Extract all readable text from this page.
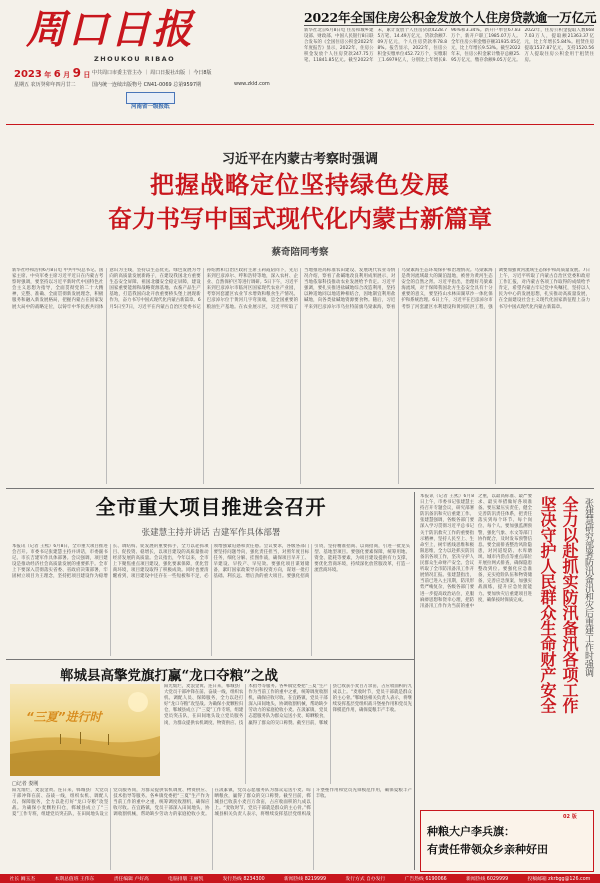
周口日报
ZHOUKOU RIBAO
2023 年 6 月 9 日 中共周口市委主管主办 ｜ 周口日报社出版 ｜ 今日8版
星期五 农历癸卯年四月廿二	国内统一连续出版物号 CN41-0069 总第9597期	www.zkld.com
河南省一级报纸
2022年全国住房公积金发放个人住房贷款逾一万亿元
新华社北京6月8日电 住房和城乡建设部、财政部、中国人民银行8日联合发布的《全国住房公积金2022年年度报告》显示，2022年，住房公积金发放个人住房贷款247.75万笔、11841.85亿元。截至2022年末，累计发放个人住房贷款4228.75万笔、14.49万亿元，贷款余额7.09万亿元，个人住房贷款率78.88%。报告显示，2022年，住房公积金实缴单位452.72万个，实缴职工1.6979亿人，分别比上年增长8.96%和3.34%。新开户单位67.83万个，新开户职工1985.07万人。全年住房公积金缴存额31935.05亿元，比上年增长9.53%。截至2022年末，住房公积金累计缴存总额25.95万亿元，缴存余额9.05万亿元。2022年，住房公积金提取人数6687.03万人，提取额21363.37亿元，比上年增长5.84%。租赁住房提取1537.87亿元，支持1520.56万人提取住房公积金用于租赁住房。
习近平在内蒙古考察时强调
把握战略定位坚持绿色发展
奋力书写中国式现代化内蒙古新篇章
蔡奇陪同考察
新华社呼和浩特6月8日电 中共中央总书记、国家主席、中央军委主席习近平近日在内蒙古考察时强调，要坚持以习近平新时代中国特色社会主义思想为指导，全面贯彻党的二十大精神，完整、准确、全面贯彻新发展理念，积极服务和融入新发展格局，把握内蒙古在国家发展大局中的战略定位，以铸牢中华民族共同体意识为主线，坚持以生态优先、绿色发展为导向的高质量发展新路子，在建设我国北方重要生态安全屏障、祖国北疆安全稳定屏障，建设国家重要能源和战略资源基地、农畜产品生产基地，打造我国向北开放重要桥头堡上展现新作为，奋力书写中国式现代化内蒙古新篇章。6月5日至7日，习近平在内蒙古自治区党委书记孙绍骋和自治区政府主席王莉霞陪同下，先后来到巴彦淖尔、呼和浩特等地，深入农村、企业、自然保护区等进行调研。5日下午，习近平来到巴彦淖尔市临河区国家现代农业产业园，考察河套灌区农业节水增效和粮食生产情况。巴彦淖尔位于黄河几字弯顶端，是全国重要的粮油生产基地。在农业展示区，习近平听取了当地推进高标准农田建设、发展现代农业等情况介绍，察看了盐碱地改良利用成果展示，对当地依靠科技推动农业发展给予肯定。习近平强调，要扎实推进盐碱地综合改造利用，坚持以种适地同以地适种相结合，因地制宜利用盐碱地，向各类盐碱地资源要食物。随后，习近平来到巴彦淖尔市乌拉特前旗乌梁素海，察看乌梁素海生态环境保护和治理情况。乌梁素海是黄河流域最大的湖泊湿地，被誉为黄河生态安全的自然之肾。习近平指出，治理好乌梁素海流域，对于保障我国北方生态安全具有十分重要的意义，要坚持山水林田湖草沙一体化保护和系统治理。6日上午，习近平在巴彦淖尔市考察了河套灌区水利建设和黄河防洪工程，强调要加强黄河流域生态保护和高质量发展。7日上午，习近平听取了内蒙古自治区党委和政府工作汇报，对内蒙古各项工作取得的成绩给予肯定，希望内蒙古牢记党中央嘱托，坚持以人民为中心的发展思想，扎实推动高质量发展，在全面建设社会主义现代化国家新征程上奋力书写中国式现代化内蒙古新篇章。
全市重大项目推进会召开
张建慧主持并讲话 吉建军作具体部署
本报讯（记者 王熙）6月8日，全市重大项目推进会召开。市委书记张建慧主持并讲话，市委副书记、市长吉建军作具体部署。会议强调，项目建设是推动经济社会高质量发展的重要抓手。全市上下要深入贯彻落实省委、省政府决策部署，牢固树立项目为王理念，坚持把项目建设作为稳增长、调结构、促发展的重要抓手，全力以赴抓项目、促投资、稳增长，以项目建设的高质量推动经济发展的高质量。会议指出，今年以来，全市上下聚焦重点项目建设，强化要素保障，优化营商环境，项目建设取得了积极成效。同时也要清醒看到，项目建设中还存在一些短板和不足，必须增强紧迫感和责任感。会议要求，各级各部门要坚持问题导向，强化责任担当，对照年度目标任务，细化分解、挂图作战，确保项目早开工、早建设、早投产、早见效。要强化项目谋划储备，紧盯国家政策导向和投资方向，谋划一批打基础、利长远、增后劲的重大项目。要强化招商引资，坚持精准招商、以商招商，引进一批龙头型、基地型项目。要强化要素保障，统筹用地、资金、能耗等要素，为项目建设提供有力支撑。要优化营商环境，持续深化放管服改革，打造一流营商环境。
郸城县高擎党旗打赢“龙口夺粮”之战
“三夏”进行时
□记者 娄刚
阳光灿烂，麦浪金黄。连日来，郸城县广大党员干部冲锋在前、奋战一线，组织农机、调配人员、保障服务，全力以赴打好“龙口夺粮”攻坚战。为确保小麦颗粒归仓，郸城县成立了“三夏”工作专班，组建党员突击队，在田间地头设立党员服务岗，为群众提供农机调度、物资供应、技术指导等服务。各乡镇党委把“三夏”生产作为当前工作的重中之重，统筹调度收割机，确保应收尽收。在宜路镇，党员干部深入田间地头，协调收割机械，帮助缺少劳动力的家庭抢收小麦。在汲冢镇，党员志愿服务队为群众运送小麦、晾晒粮食，赢得了群众的交口称赞。截至目前，郸城县已收获小麦百万余亩，占应收面积的九成以上。“麦收时节，党员干部就是群众的主心骨。”郸城县相关负责人表示，将继续发挥基层党组织战斗堡垒作用和党员先锋模范作用，确保夏粮丰产丰收。
阳光灿烂，麦浪金黄。连日来，郸城县广大党员干部冲锋在前、奋战一线，组织农机、调配人员、保障服务，全力以赴打好“龙口夺粮”攻坚战。为确保小麦颗粒归仓，郸城县成立了“三夏”工作专班，组建党员突击队，在田间地头设立党员服务岗，为群众提供农机调度、物资供应、技术指导等服务。各乡镇党委把“三夏”生产作为当前工作的重中之重，统筹调度收割机，确保应收尽收。在宜路镇，党员干部深入田间地头，协调收割机械，帮助缺少劳动力的家庭抢收小麦。在汲冢镇，党员志愿服务队为群众运送小麦、晾晒粮食，赢得了群众的交口称赞。截至目前，郸城县已收获小麦百万余亩，占应收面积的九成以上。“麦收时节，党员干部就是群众的主心骨。”郸城县相关负责人表示，将继续发挥基层党组织战斗堡垒作用和党员先锋模范作用，确保夏粮丰产丰收。
本报讯（记者 王熙）6月8日上午，市委书记张建慧主持召开专题会议，研究部署防汛备汛和灾后重建工作。张建慧强调，各级各部门要深入学习贯彻习近平总书记关于防汛救灾工作的重要指示精神，坚持人民至上、生命至上，树牢底线思维和极限思维，全力以赴抓实防汛备汛各项工作，坚决守护人民群众生命财产安全。会议听取了全市防汛备汛工作开展情况汇报。张建慧指出，当前已进入主汛期，防汛形势严峻复杂，各级各部门要进一步提高政治站位，克服麻痹思想和侥幸心理，把防汛备汛工作作为当前的重中之重，以最高标准、最严要求、最实举措做好各项准备。要压紧压实责任，健全完善防汛责任体系，把责任落实到每个环节、每个岗位、每个人。要加强监测预警，强化气象、水文等部门协作配合，及时发布预警信息。要全面排查整治风险隐患，对河道堤防、水库塘坝、城市内涝点等重点部位开展拉网式排查，确保隐患整改到位。要强化应急准备，充实抢险队伍和物资储备，完善应急预案，加强实战演练，提升应急处置能力。要加快灾后重建项目进度，确保按时保质完成。	全力以赴抓实防汛备汛各项工作
坚决守护人民群众生命财产安全	张建慧研究部署防汛备汛和灾后重建工作时强调
种粮大户李兵旗：
有责任带领众乡亲种好田
02 版
社长 阚玉杰	本期总值班 王伟东	责任编辑 卢好高	电脑排版 王丽凯	发行热线 8234300	新闻热线 8219999	发行方式 自办发行	广告热线 6190066	新闻热线 6029999	投稿邮箱 zkrbgg@126.com
